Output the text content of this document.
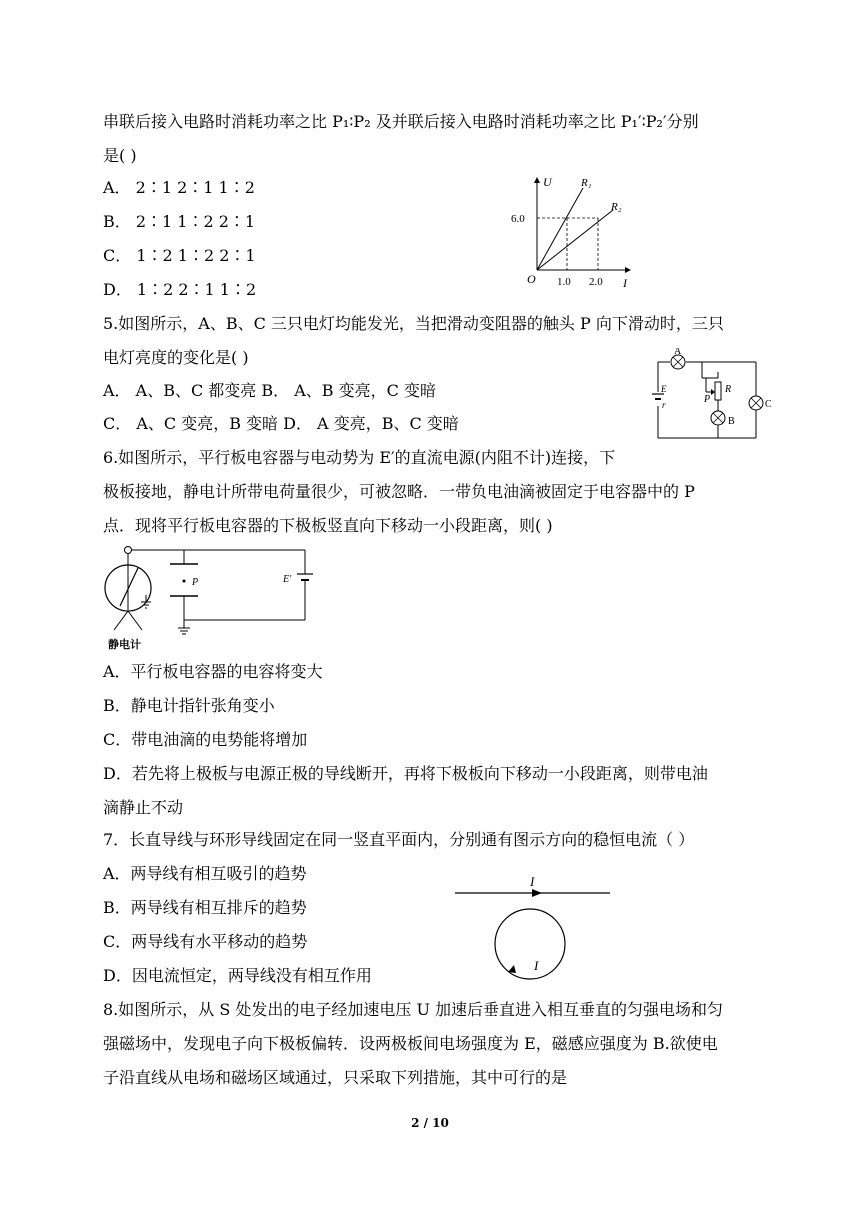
串联后接入电路时消耗功率之比 P₁∶P₂ 及并联后接入电路时消耗功率之比 P₁′∶P₂′分别
是( )
A． 2∶1 2∶1 1∶2
B． 2∶1 1∶2 2∶1
C． 1∶2 1∶2 2∶1
D． 1∶2 2∶1 1∶2
U
I
O
R₁
R₂
6.0
1.0 2.0
5.如图所示，A、B、C 三只电灯均能发光，当把滑动变阻器的触头 P 向下滑动时，三只
电灯亮度的变化是( )
A． A、B、C 都变亮 B． A、B 变亮，C 变暗
C． A、C 变亮，B 变暗 D． A 变亮，B、C 变暗
A
B
C
E
r
R
P
6.如图所示，平行板电容器与电动势为 E′的直流电源(内阻不计)连接，下
极板接地，静电计所带电荷量很少，可被忽略．一带负电油滴被固定于电容器中的 P
点．现将平行板电容器的下极板竖直向下移动一小段距离，则( )
P	E′
静电计
A．平行板电容器的电容将变大
B．静电计指针张角变小
C．带电油滴的电势能将增加
D．若先将上极板与电源正极的导线断开，再将下极板向下移动一小段距离，则带电油
滴静止不动
7．长直导线与环形导线固定在同一竖直平面内，分别通有图示方向的稳恒电流（ ）
A．两导线有相互吸引的趋势
B．两导线有相互排斥的趋势
C．两导线有水平移动的趋势
D．因电流恒定，两导线没有相互作用
I
I
8.如图所示，从 S 处发出的电子经加速电压 U 加速后垂直进入相互垂直的匀强电场和匀
强磁场中，发现电子向下极板偏转．设两极板间电场强度为 E，磁感应强度为 B.欲使电
子沿直线从电场和磁场区域通过，只采取下列措施，其中可行的是
2 / 10
